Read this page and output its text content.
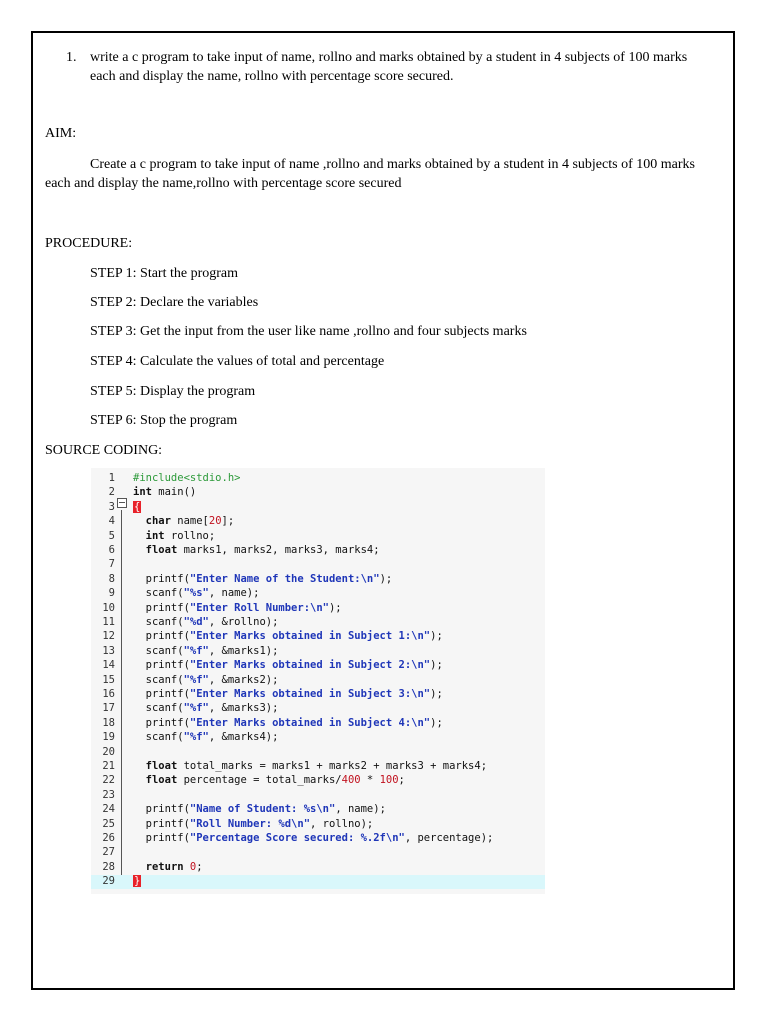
1. write a c program to take input of name, rollno and marks obtained by a student in 4 subjects of 100 marks each and display the name, rollno with percentage score secured.
AIM:
Create a c program to take input of name ,rollno and marks obtained by a student in 4 subjects of 100 marks each and display the name,rollno with percentage score secured
PROCEDURE:
STEP 1: Start the program
STEP 2: Declare the variables
STEP 3: Get the input from the user like name ,rollno and four subjects marks
STEP 4: Calculate the values of total and percentage
STEP 5: Display the program
STEP 6: Stop the program
SOURCE CODING:
1 #include<stdio.h>
2 int main()
3 {
4	char name[20];
5	int rollno;
6	float marks1, marks2, marks3, marks4;
7
8 printf("Enter Name of the Student:\n");
9 scanf("%s", name);
10 printf("Enter Roll Number:\n");
11 scanf("%d", &rollno);
12 printf("Enter Marks obtained in Subject 1:\n");
13 scanf("%f", &marks1);
14 printf("Enter Marks obtained in Subject 2:\n");
15 scanf("%f", &marks2);
16 printf("Enter Marks obtained in Subject 3:\n");
17 scanf("%f", &marks3);
18 printf("Enter Marks obtained in Subject 4:\n");
19 scanf("%f", &marks4);
20
21	float total_marks = marks1 + marks2 + marks3 + marks4;
22	float percentage = total_marks/400 * 100;
23
24 printf("Name of Student: %s\n", name);
25 printf("Roll Number: %d\n", rollno);
26 printf("Percentage Score secured: %.2f\n", percentage);
27
28	return 0;
29 }
